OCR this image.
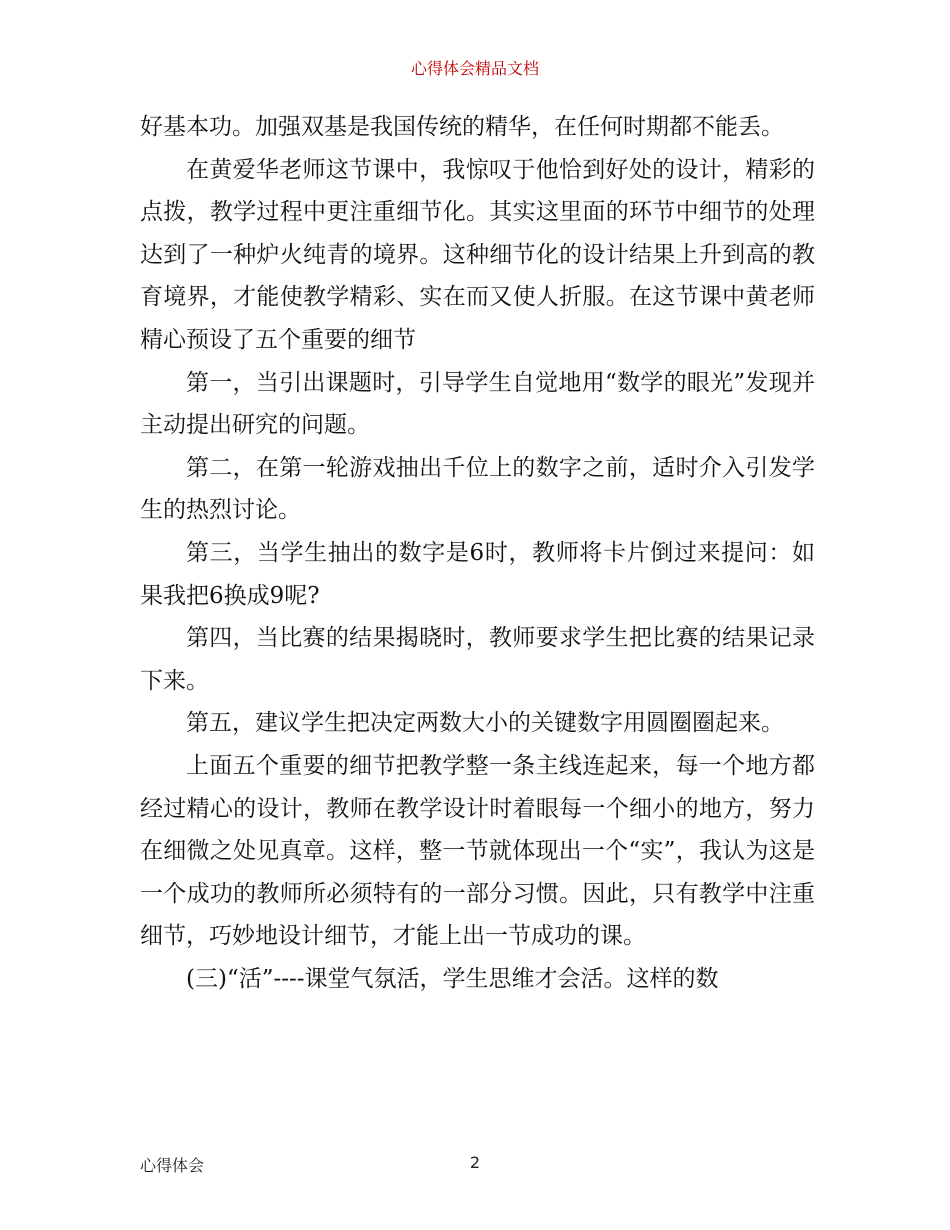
心得体会精品文档

好基本功。加强双基是我国传统的精华，在任何时期都不能丢。

在黄爱华老师这节课中，我惊叹于他恰到好处的设计，精彩的点拨，教学过程中更注重细节化。其实这里面的环节中细节的处理达到了一种炉火纯青的境界。这种细节化的设计结果上升到高的教育境界，才能使教学精彩、实在而又使人折服。在这节课中黄老师精心预设了五个重要的细节

第一，当引出课题时，引导学生自觉地用“数学的眼光”发现并主动提出研究的问题。

第二，在第一轮游戏抽出千位上的数字之前，适时介入引发学生的热烈讨论。

第三，当学生抽出的数字是6时，教师将卡片倒过来提问：如果我把6换成9呢?

第四，当比赛的结果揭晓时，教师要求学生把比赛的结果记录下来。

第五，建议学生把决定两数大小的关键数字用圆圈圈起来。

上面五个重要的细节把教学整一条主线连起来，每一个地方都经过精心的设计，教师在教学设计时着眼每一个细小的地方，努力在细微之处见真章。这样，整一节就体现出一个“实”，我认为这是一个成功的教师所必须特有的一部分习惯。因此，只有教学中注重细节，巧妙地设计细节，才能上出一节成功的课。

(三)“活”----课堂气氛活，学生思维才会活。这样的数

心得体会	2
